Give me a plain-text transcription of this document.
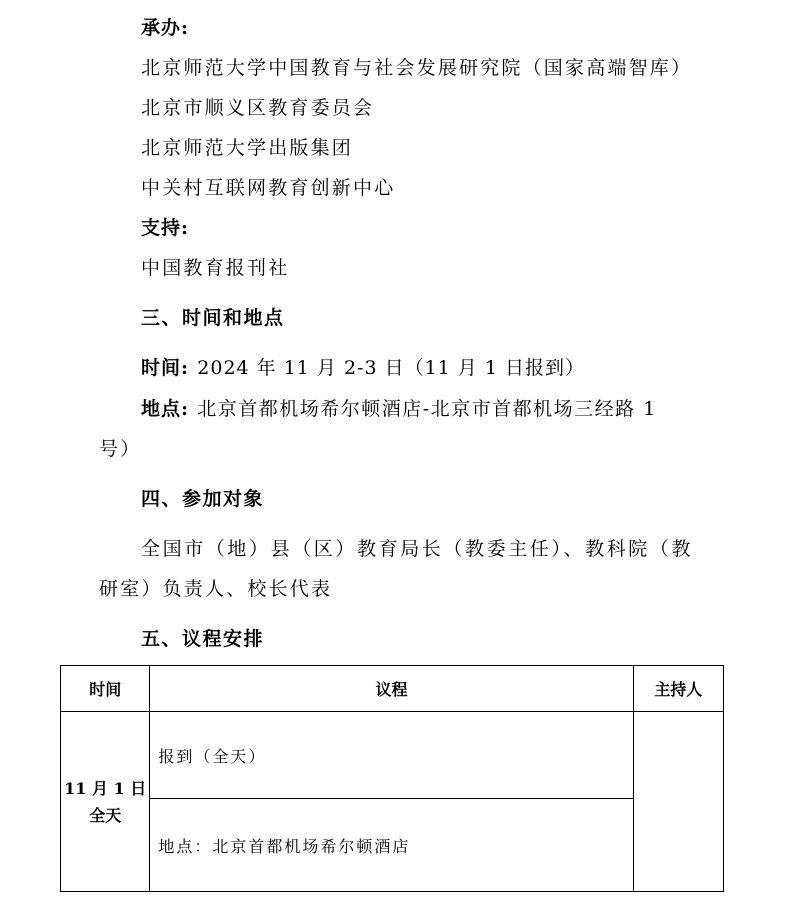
承办:
北京师范大学中国教育与社会发展研究院（国家高端智库）
北京市顺义区教育委员会
北京师范大学出版集团
中关村互联网教育创新中心
支持:
中国教育报刊社
三、时间和地点
时间: 2024 年 11 月 2-3 日（11 月 1 日报到）
地点: 北京首都机场希尔顿酒店-北京市首都机场三经路 1
号）
四、参加对象
全国市（地）县（区）教育局长（教委主任）、教科院（教
研室）负责人、校长代表
五、议程安排
时间	议程	主持人

11 月 1 日
全天	报到（全天）	
	地点：北京首都机场希尔顿酒店	
